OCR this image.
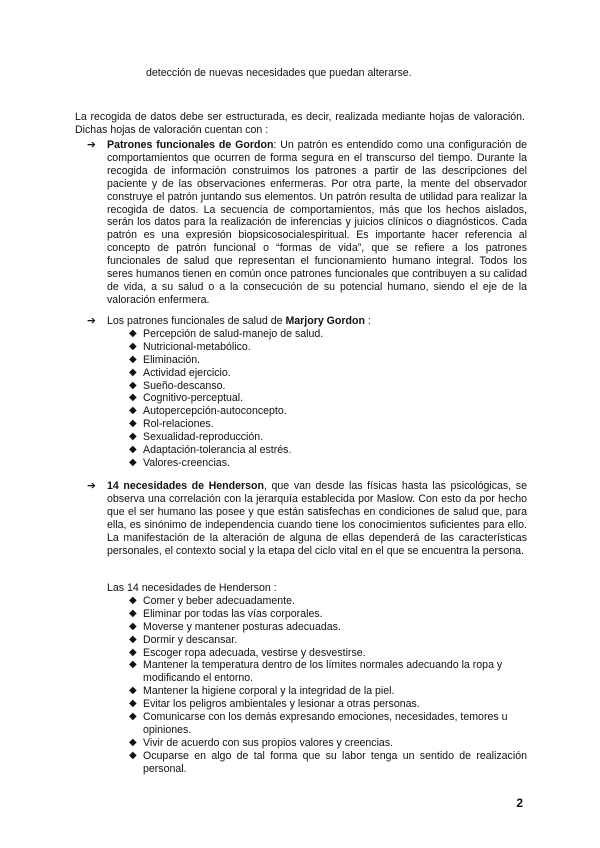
detección de nuevas necesidades que puedan alterarse.
La recogida de datos debe ser estructurada, es decir, realizada mediante hojas de valoración. Dichas hojas de valoración cuentan con :
➔	Patrones funcionales de Gordon: Un patrón es entendido como una configuración de comportamientos que ocurren de forma segura en el transcurso del tiempo. Durante la recogida de información construimos los patrones a partir de las descripciones del paciente y de las observaciones enfermeras. Por otra parte, la mente del observador construye el patrón juntando sus elementos. Un patrón resulta de utilidad para realizar la recogida de datos. La secuencia de comportamientos, más que los hechos aislados, serán los datos para la realización de inferencias y juicios clínicos o diagnósticos. Cada patrón es una expresión biopsicosocialespiritual. Es importante hacer referencia al concepto de patrón funcional o “formas de vida”, que se refiere a los patrones funcionales de salud que representan el funcionamiento humano integral. Todos los seres humanos tienen en común once patrones funcionales que contribuyen a su calidad de vida, a su salud o a la consecución de su potencial humano, siendo el eje de la valoración enfermera.
➔	Los patrones funcionales de salud de Marjory Gordon :
◆ Percepción de salud-manejo de salud.
◆ Nutricional-metabólico.
◆ Eliminación.
◆ Actividad ejercicio.
◆ Sueño-descanso.
◆ Cognitivo-perceptual.
◆ Autopercepción-autoconcepto.
◆ Rol-relaciones.
◆ Sexualidad-reproducción.
◆ Adaptación-tolerancia al estrés.
◆ Valores-creencias.
➔	14 necesidades de Henderson, que van desde las físicas hasta las psicológicas, se observa una correlación con la jerarquía establecida por Maslow. Con esto da por hecho que el ser humano las posee y que están satisfechas en condiciones de salud que, para ella, es sinónimo de independencia cuando tiene los conocimientos suficientes para ello. La manifestación de la alteración de alguna de ellas dependerá de las características personales, el contexto social y la etapa del ciclo vital en el que se encuentra la persona.
Las 14 necesidades de Henderson :
◆ Comer y beber adecuadamente.
◆ Eliminar por todas las vías corporales.
◆ Moverse y mantener posturas adecuadas.
◆ Dormir y descansar.
◆ Escoger ropa adecuada, vestirse y desvestirse.
◆ Mantener la temperatura dentro de los límites normales adecuando la ropa y modificando el entorno.
◆ Mantener la higiene corporal y la integridad de la piel.
◆ Evitar los peligros ambientales y lesionar a otras personas.
◆ Comunicarse con los demás expresando emociones, necesidades, temores u opiniones.
◆ Vivir de acuerdo con sus propios valores y creencias.
◆ Ocuparse en algo de tal forma que su labor tenga un sentido de realización personal.
2
